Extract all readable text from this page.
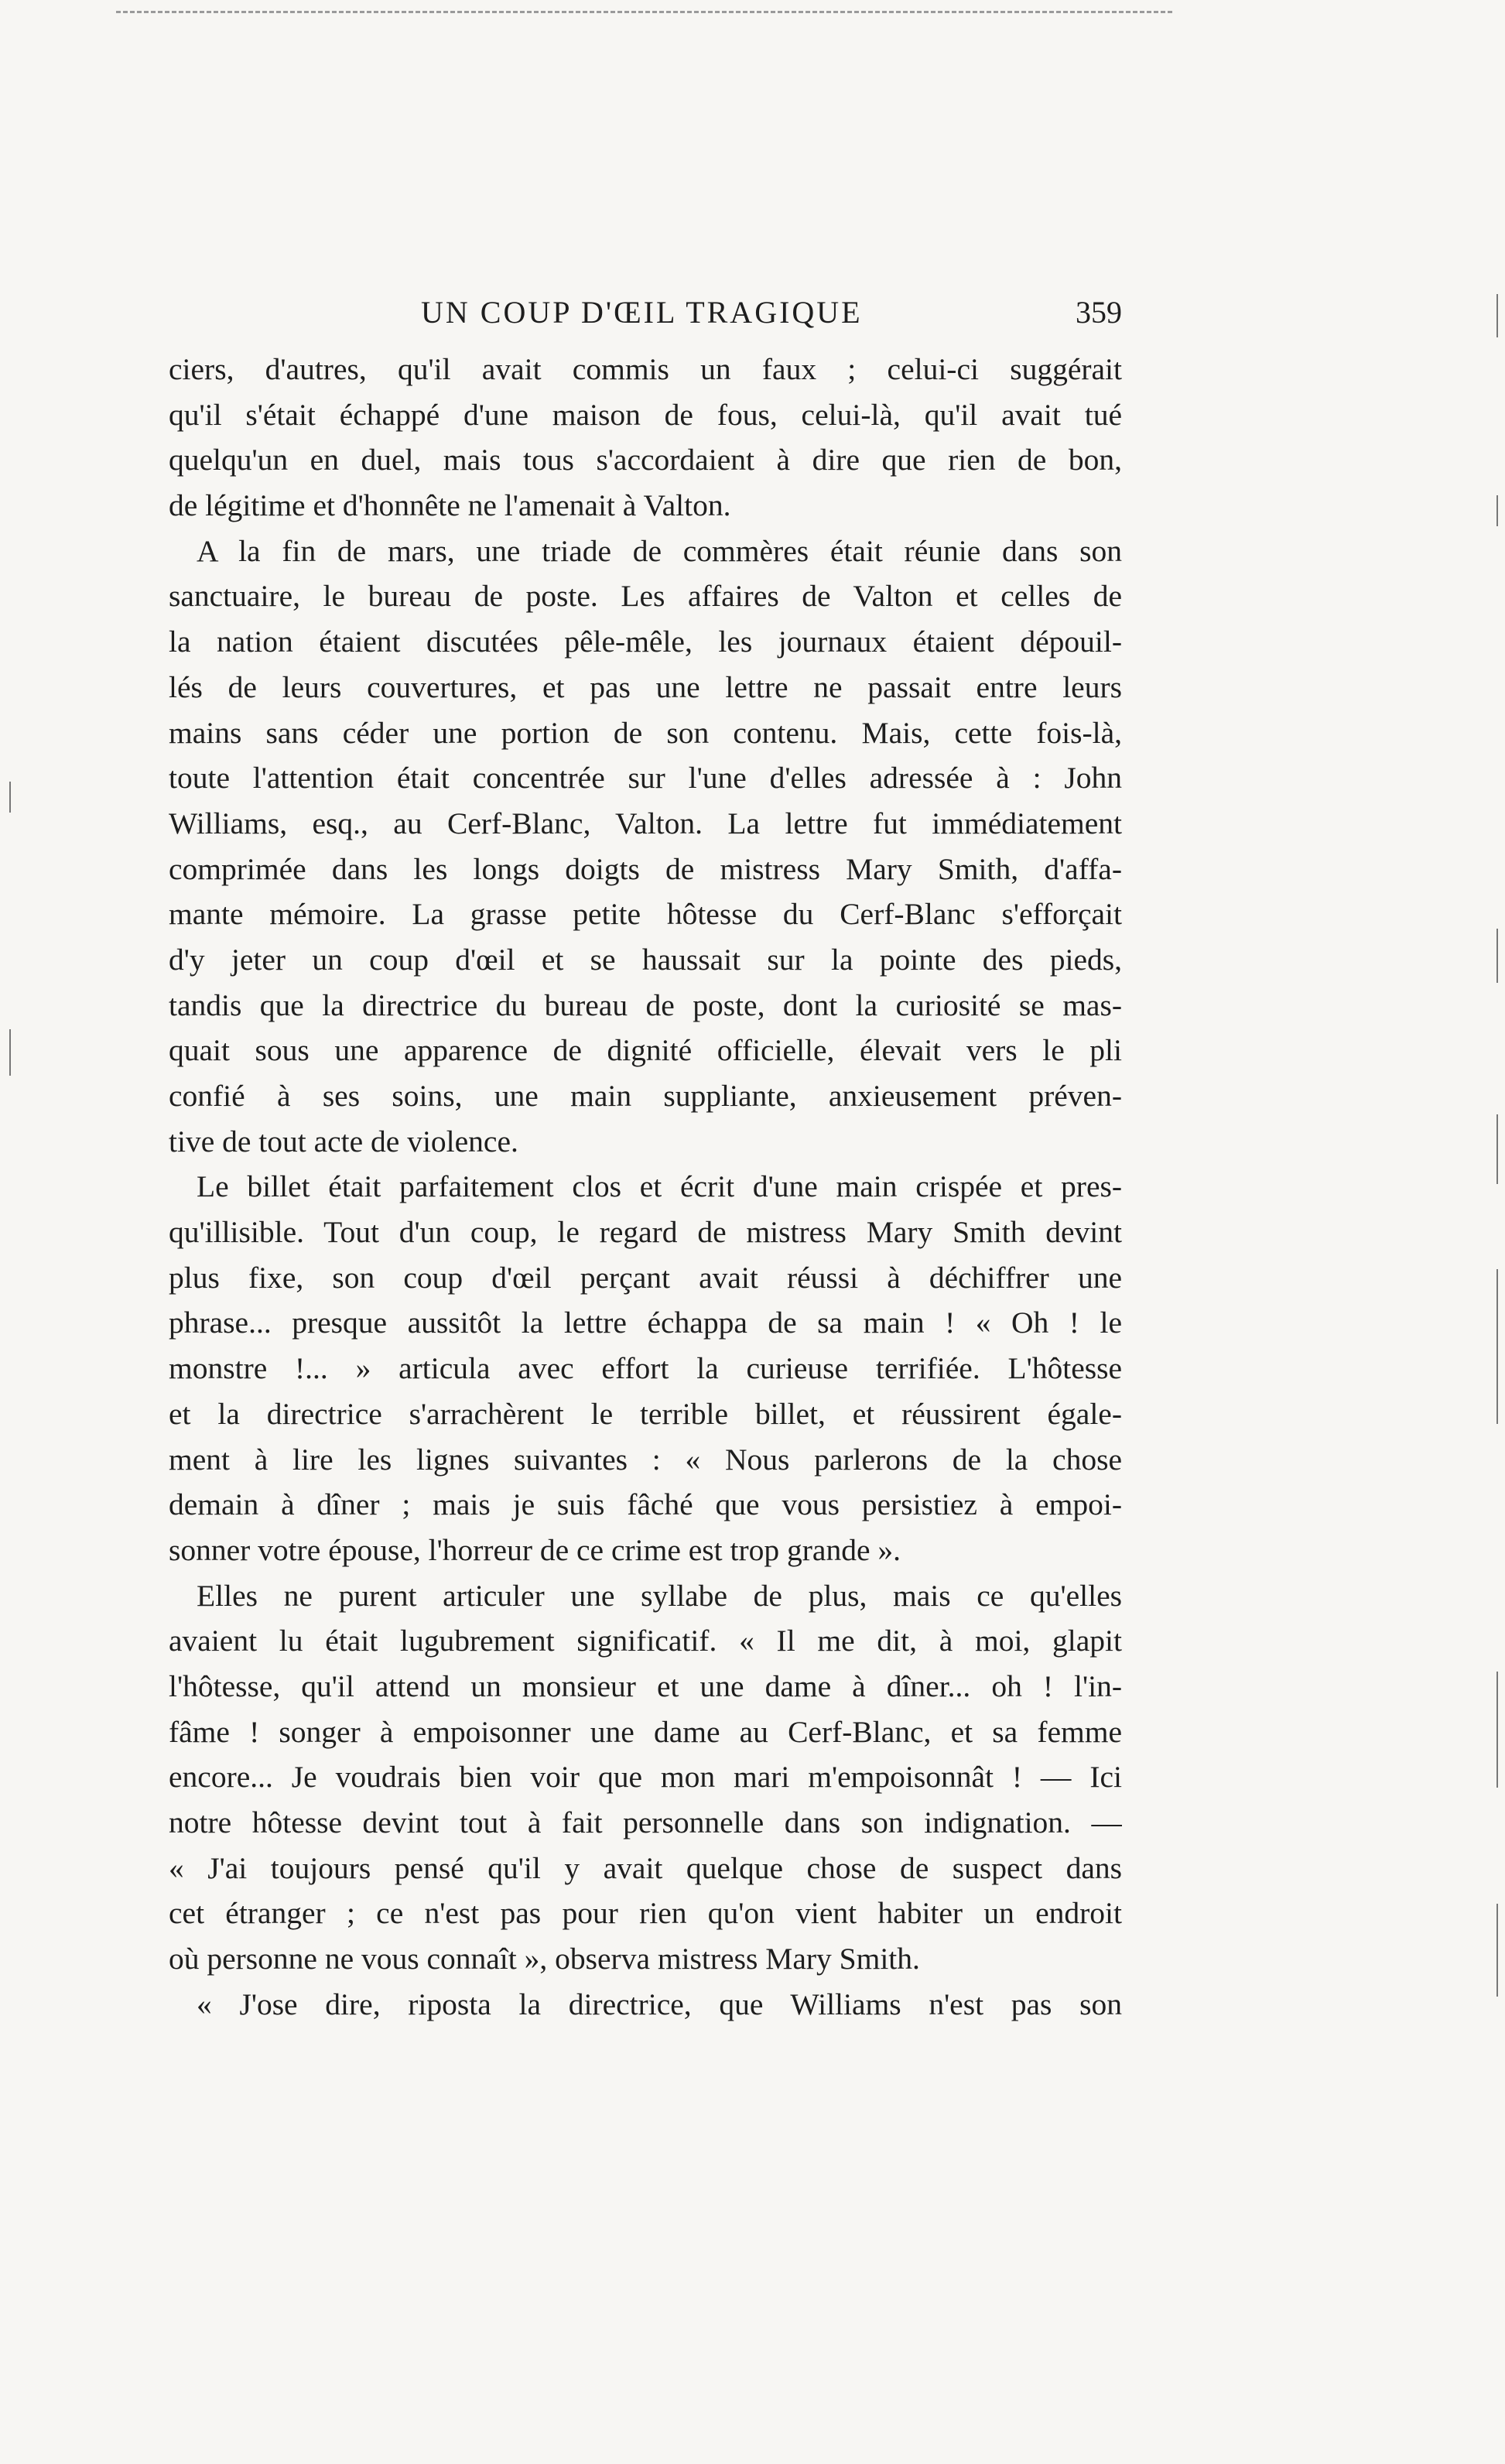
UN COUP D'ŒIL TRAGIQUE	359
ciers, d'autres, qu'il avait commis un faux ; celui-ci suggérait
qu'il s'était échappé d'une maison de fous, celui-là, qu'il avait tué
quelqu'un en duel, mais tous s'accordaient à dire que rien de bon,
de légitime et d'honnête ne l'amenait à Valton.
A la fin de mars, une triade de commères était réunie dans son
sanctuaire, le bureau de poste. Les affaires de Valton et celles de
la nation étaient discutées pêle-mêle, les journaux étaient dépouil-
lés de leurs couvertures, et pas une lettre ne passait entre leurs
mains sans céder une portion de son contenu. Mais, cette fois-là,
toute l'attention était concentrée sur l'une d'elles adressée à : John
Williams, esq., au Cerf-Blanc, Valton. La lettre fut immédiatement
comprimée dans les longs doigts de mistress Mary Smith, d'affa-
mante mémoire. La grasse petite hôtesse du Cerf-Blanc s'efforçait
d'y jeter un coup d'œil et se haussait sur la pointe des pieds,
tandis que la directrice du bureau de poste, dont la curiosité se mas-
quait sous une apparence de dignité officielle, élevait vers le pli
confié à ses soins, une main suppliante, anxieusement préven-
tive de tout acte de violence.
Le billet était parfaitement clos et écrit d'une main crispée et pres-
qu'illisible. Tout d'un coup, le regard de mistress Mary Smith devint
plus fixe, son coup d'œil perçant avait réussi à déchiffrer une
phrase... presque aussitôt la lettre échappa de sa main ! « Oh ! le
monstre !... » articula avec effort la curieuse terrifiée. L'hôtesse
et la directrice s'arrachèrent le terrible billet, et réussirent égale-
ment à lire les lignes suivantes : « Nous parlerons de la chose
demain à dîner ; mais je suis fâché que vous persistiez à empoi-
sonner votre épouse, l'horreur de ce crime est trop grande ».
Elles ne purent articuler une syllabe de plus, mais ce qu'elles
avaient lu était lugubrement significatif. « Il me dit, à moi, glapit
l'hôtesse, qu'il attend un monsieur et une dame à dîner... oh ! l'in-
fâme ! songer à empoisonner une dame au Cerf-Blanc, et sa femme
encore... Je voudrais bien voir que mon mari m'empoisonnât ! — Ici
notre hôtesse devint tout à fait personnelle dans son indignation. —
« J'ai toujours pensé qu'il y avait quelque chose de suspect dans
cet étranger ; ce n'est pas pour rien qu'on vient habiter un endroit
où personne ne vous connaît », observa mistress Mary Smith.
« J'ose dire, riposta la directrice, que Williams n'est pas son
